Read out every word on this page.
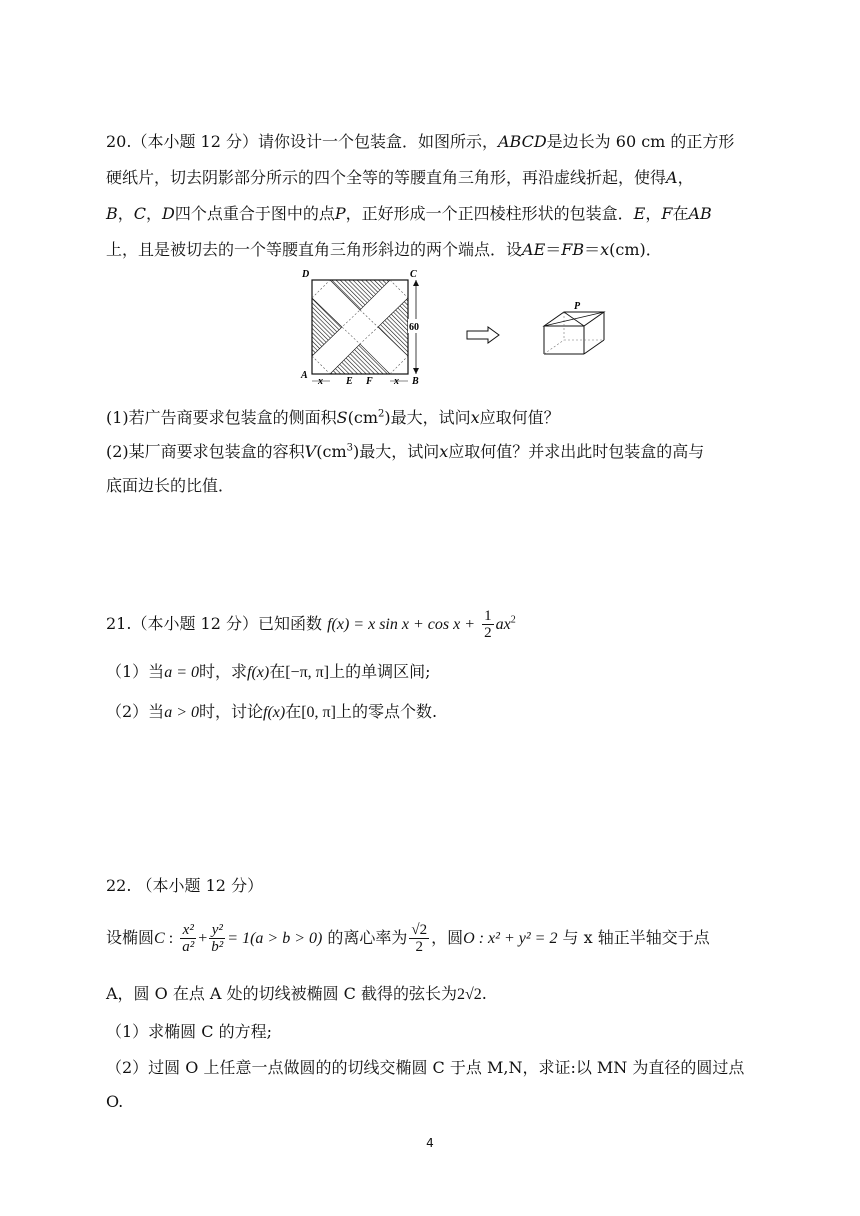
20.（本小题 12 分）请你设计一个包装盒．如图所示，ABCD是边长为 60 cm 的正方形
硬纸片，切去阴影部分所示的四个全等的等腰直角三角形，再沿虚线折起，使得A，
B，C，D四个点重合于图中的点P，正好形成一个正四棱柱形状的包装盒．E，F在AB
上，且是被切去的一个等腰直角三角形斜边的两个端点．设AE＝FB＝x(cm)．
60
D	C
A
B
x E F x
P
(1)若广告商要求包装盒的侧面积$S(cm^2)$最大，试问x应取何值？
(2)某厂商要求包装盒的容积$V(cm^3)$最大，试问x应取何值？并求出此时包装盒的高与
底面边长的比值．
21.（本小题 12 分）已知函数 f(x) = x $\sin x + \cos x + \frac{1}{2} ax^2$
（1）当a = 0时，求f(x)在[−π, π]上的单调区间;
（2）当a > 0时，讨论f(x)在[0, π]上的零点个数.
22. （本小题 12 分）
设椭圆C : $\frac{\text{x²}}{\text{a²}} + \frac{\text{y²}}{\text{b²}} = 1(a > b > 0)$ 的离心率为 $\frac{√2}{2}$ ，圆O : x² + y² = 2 与 x 轴正半轴交于点
A，圆 O 在点 A 处的切线被椭圆 C 截得的弦长为2√2.
（1）求椭圆 C 的方程;
（2）过圆 O 上任意一点做圆的的切线交椭圆 C 于点 M,N，求证:以 MN 为直径的圆过点
O.
4
